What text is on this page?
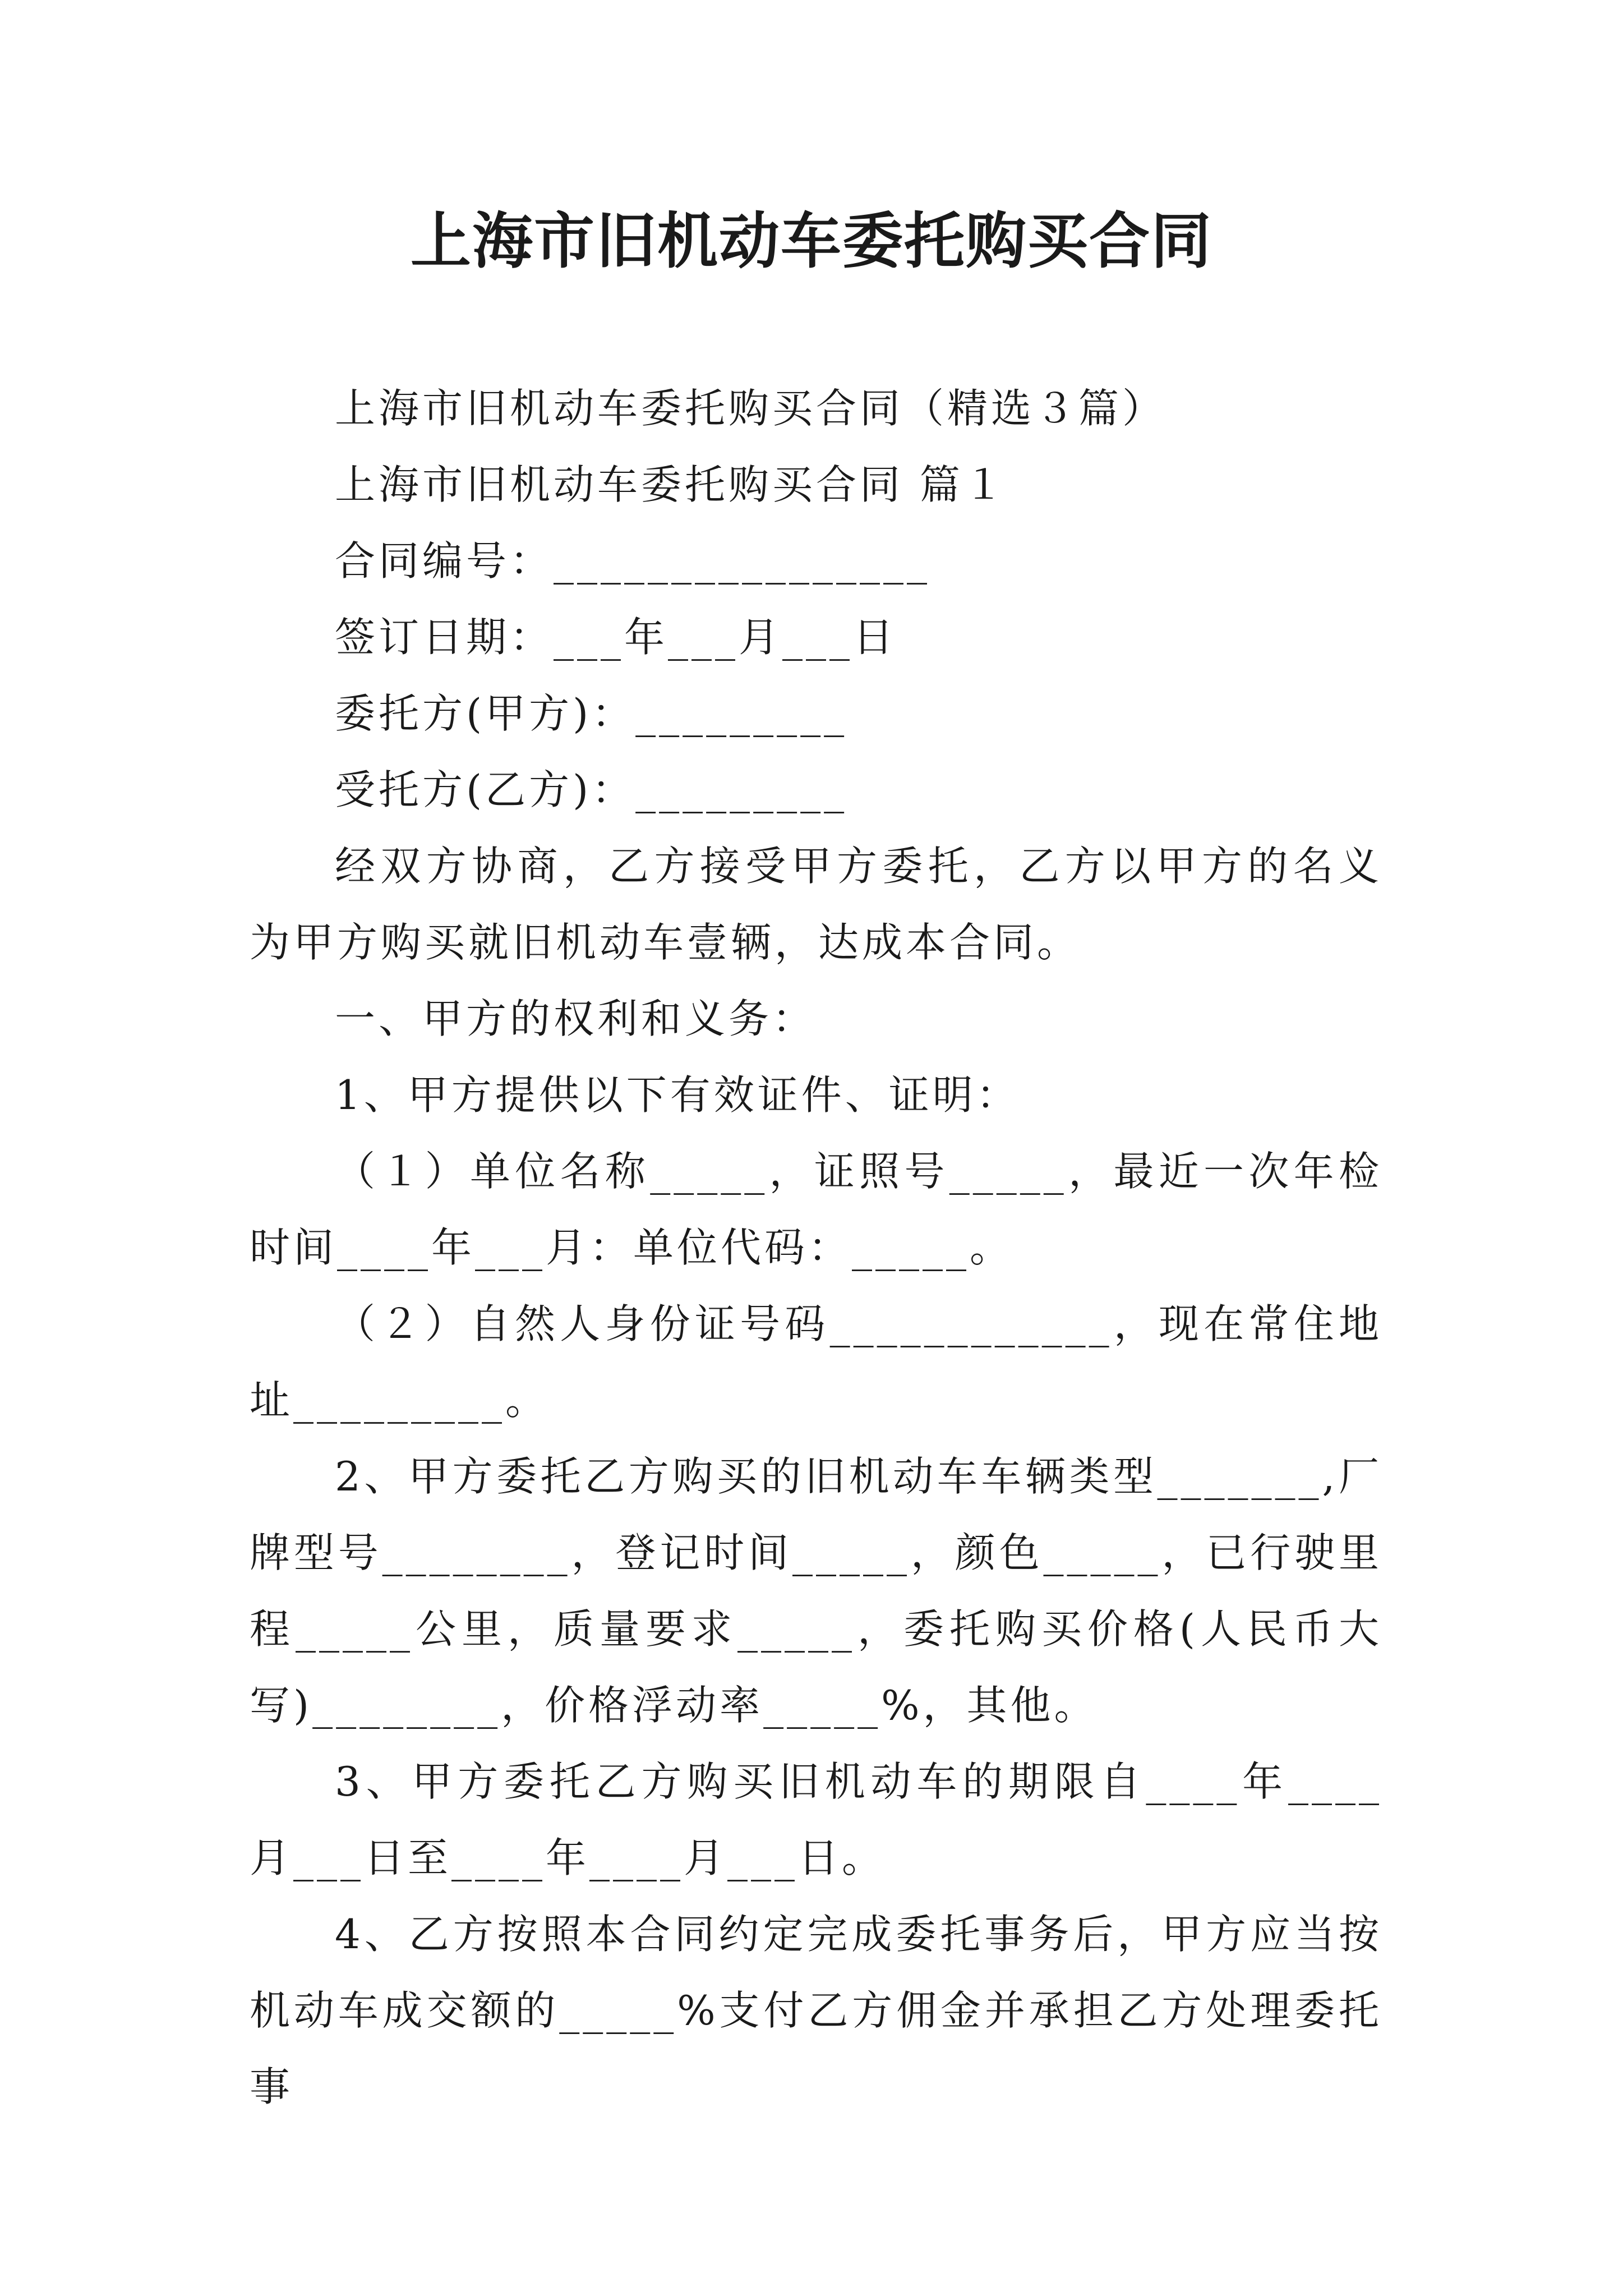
上海市旧机动车委托购买合同

上海市旧机动车委托购买合同（精选３篇）

上海市旧机动车委托购买合同 篇１

合同编号：________________

签订日期：___年___月___日

委托方(甲方)：_________

受托方(乙方)：_________

经双方协商，乙方接受甲方委托，乙方以甲方的名义为甲方购买就旧机动车壹辆，达成本合同。

一、甲方的权利和义务：

1、甲方提供以下有效证件、证明：

（１）单位名称_____，证照号_____，最近一次年检时间____年___月：单位代码：_____。

（２）自然人身份证号码____________，现在常住地址_________。

2、甲方委托乙方购买的旧机动车车辆类型_______,厂牌型号________，登记时间_____，颜色_____，已行驶里程_____公里，质量要求_____，委托购买价格(人民币大写)________，价格浮动率_____%，其他。

3、甲方委托乙方购买旧机动车的期限自____年____月___日至____年____月___日。

4、乙方按照本合同约定完成委托事务后，甲方应当按机动车成交额的_____%支付乙方佣金并承担乙方处理委托事
